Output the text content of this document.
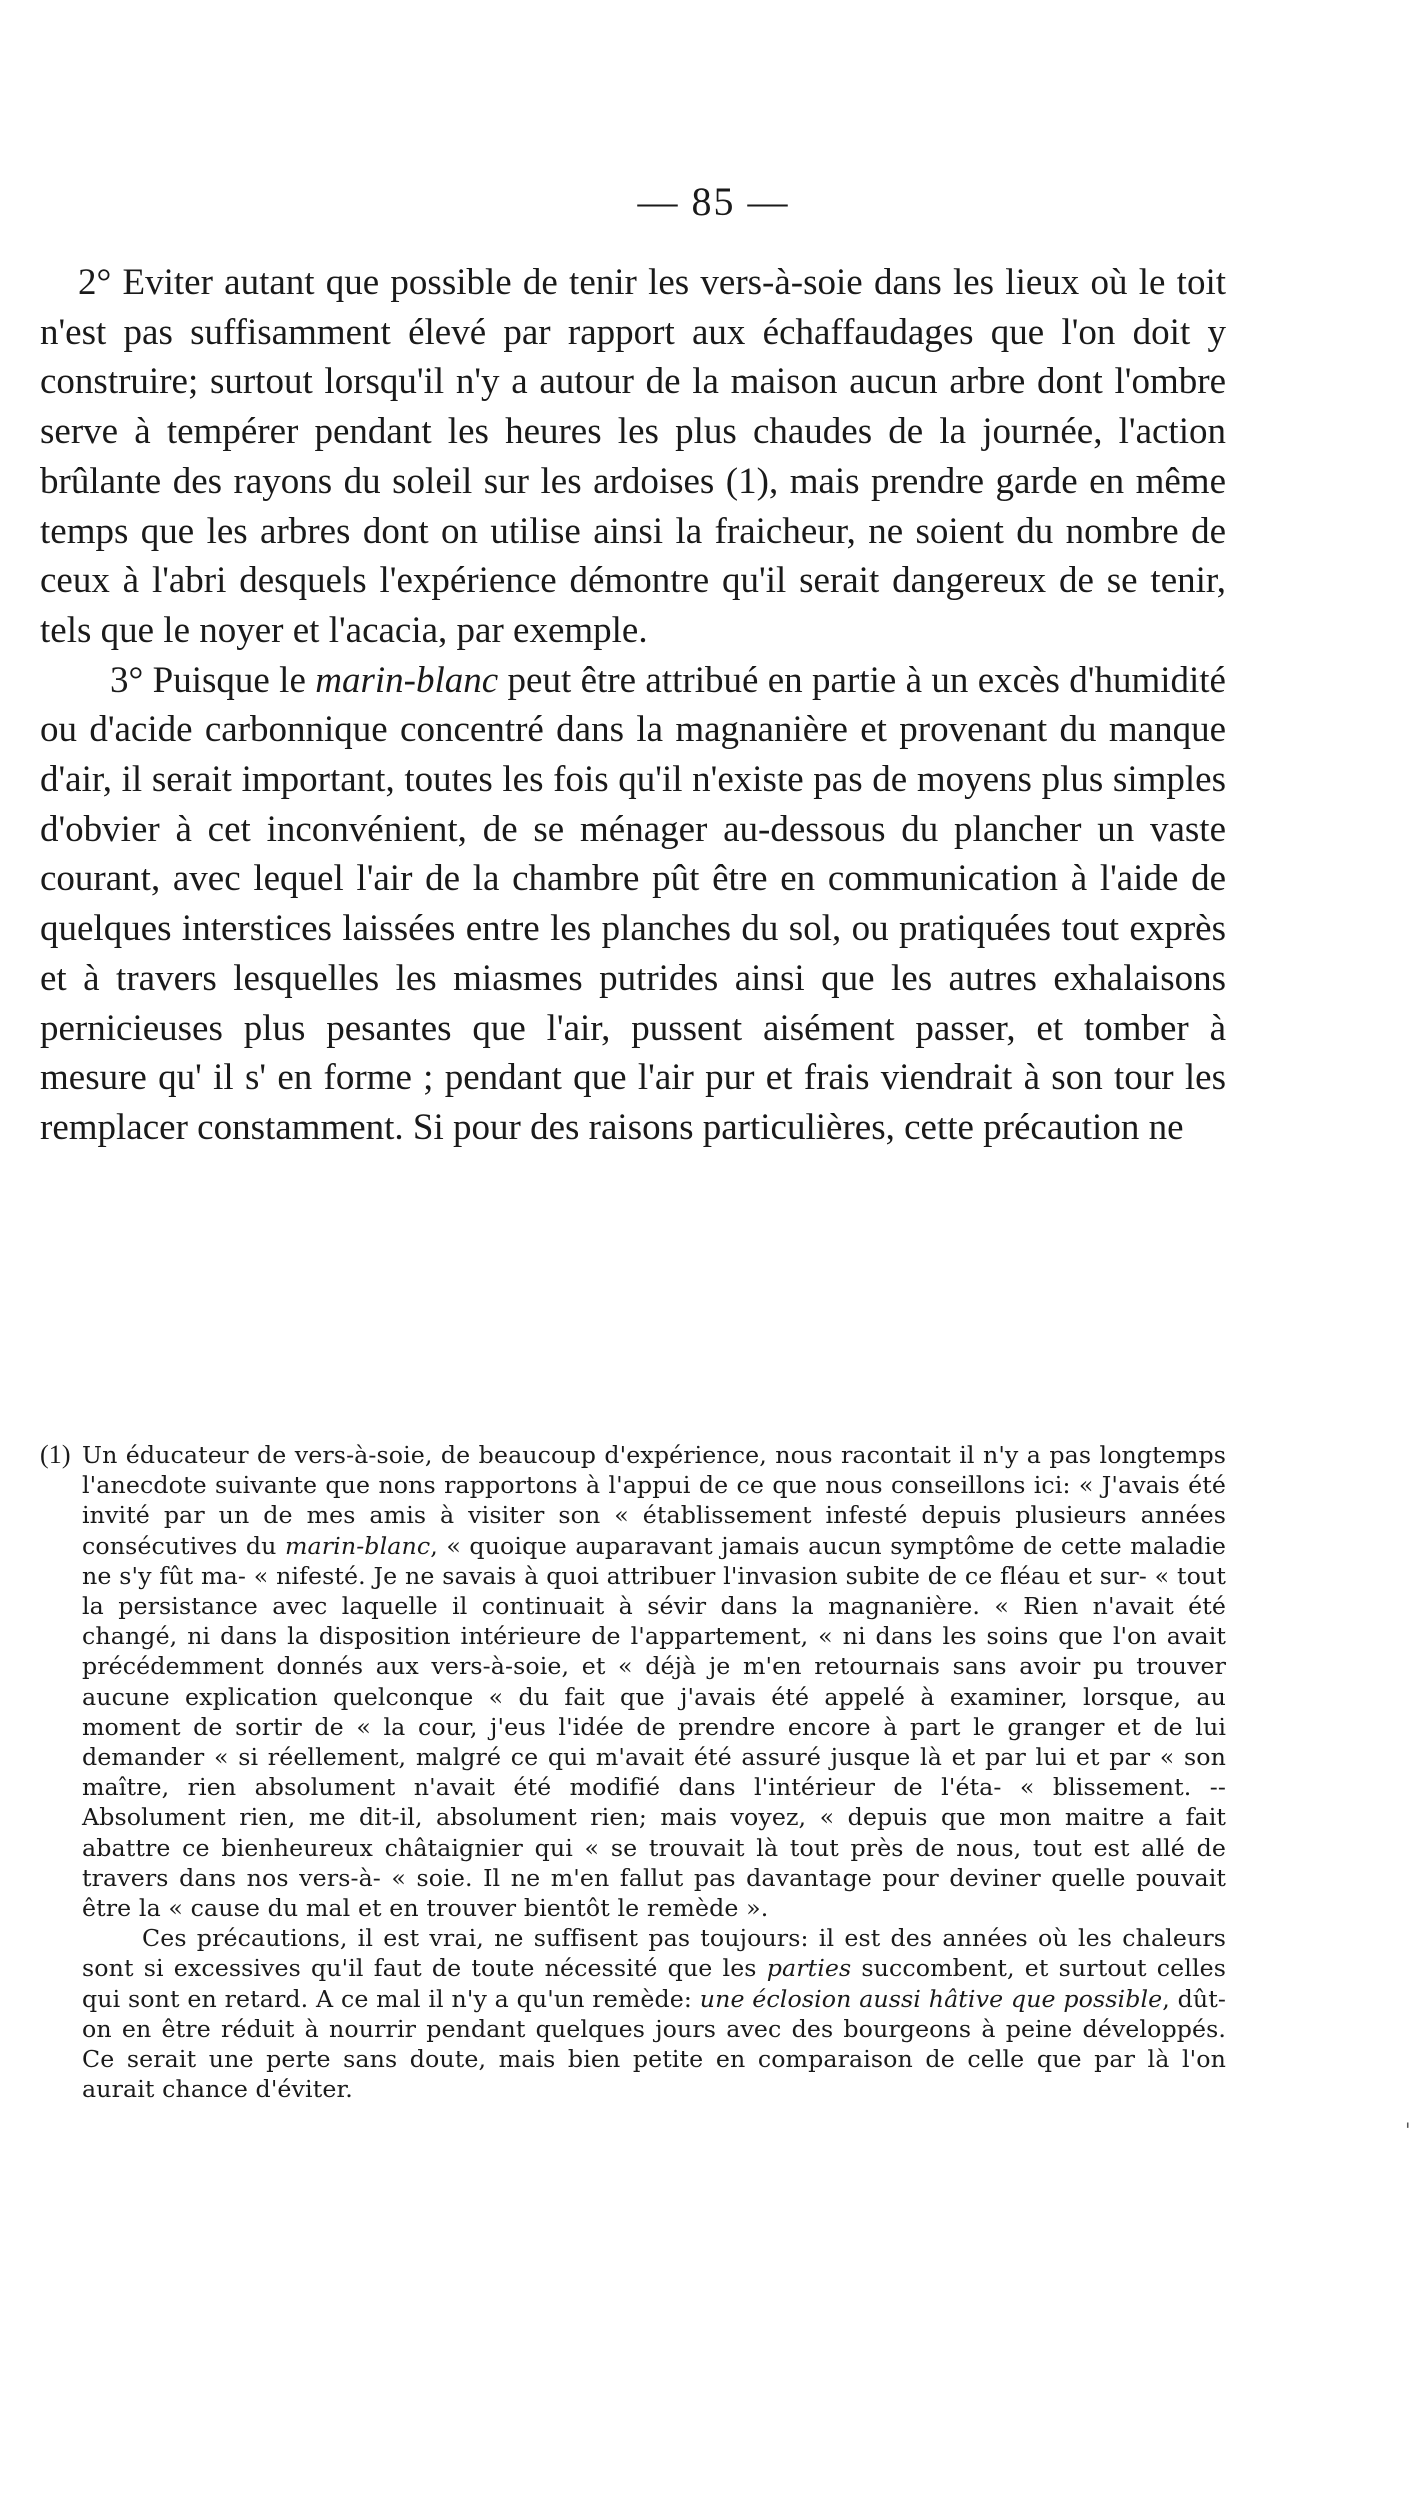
— 85 —

2° Eviter autant que possible de tenir les vers-à-soie dans les lieux où le toit n'est pas suffisamment élevé par rapport aux échaffaudages que l'on doit y construire; surtout lorsqu'il n'y a autour de la maison aucun arbre dont l'ombre serve à tempérer pendant les heures les plus chaudes de la journée, l'action brûlante des rayons du soleil sur les ardoises (1), mais prendre garde en même temps que les arbres dont on utilise ainsi la fraicheur, ne soient du nombre de ceux à l'abri desquels l'expérience démontre qu'il serait dangereux de se tenir, tels que le noyer et l'acacia, par exemple.

3° Puisque le marin-blanc peut être attribué en partie à un excès d'humidité ou d'acide carbonnique concentré dans la magnanière et provenant du manque d'air, il serait important, toutes les fois qu'il n'existe pas de moyens plus simples d'obvier à cet inconvénient, de se ménager au-dessous du plancher un vaste courant, avec lequel l'air de la chambre pût être en communication à l'aide de quelques interstices laissées entre les planches du sol, ou pratiquées tout exprès et à travers lesquelles les miasmes putrides ainsi que les autres exhalaisons pernicieuses plus pesantes que l'air, pussent aisément passer, et tomber à mesure qu' il s' en forme ; pendant que l'air pur et frais viendrait à son tour les remplacer constamment. Si pour des raisons particulières, cette précaution ne

(1) Un éducateur de vers-à-soie, de beaucoup d'expérience, nous racontait il n'y a pas longtemps l'anecdote suivante que nons rapportons à l'appui de ce que nous conseillons ici: « J'avais été invité par un de mes amis à visiter son « établissement infesté depuis plusieurs années consécutives du marin-blanc, « quoique auparavant jamais aucun symptôme de cette maladie ne s'y fût ma- « nifesté. Je ne savais à quoi attribuer l'invasion subite de ce fléau et sur- « tout la persistance avec laquelle il continuait à sévir dans la magnanière. « Rien n'avait été changé, ni dans la disposition intérieure de l'appartement, « ni dans les soins que l'on avait précédemment donnés aux vers-à-soie, et « déjà je m'en retournais sans avoir pu trouver aucune explication quelconque « du fait que j'avais été appelé à examiner, lorsque, au moment de sortir de « la cour, j'eus l'idée de prendre encore à part le granger et de lui demander « si réellement, malgré ce qui m'avait été assuré jusque là et par lui et par « son maître, rien absolument n'avait été modifié dans l'intérieur de l'éta- « blissement. -- Absolument rien, me dit-il, absolument rien; mais voyez, « depuis que mon maitre a fait abattre ce bienheureux châtaignier qui « se trouvait là tout près de nous, tout est allé de travers dans nos vers-à- « soie. Il ne m'en fallut pas davantage pour deviner quelle pouvait être la « cause du mal et en trouver bientôt le remède ».

Ces précautions, il est vrai, ne suffisent pas toujours: il est des années où les chaleurs sont si excessives qu'il faut de toute nécessité que les parties succombent, et surtout celles qui sont en retard. A ce mal il n'y a qu'un remède: une éclosion aussi hâtive que possible, dût-on en être réduit à nourrir pendant quelques jours avec des bourgeons à peine développés. Ce serait une perte sans doute, mais bien petite en comparaison de celle que par là l'on aurait chance d'éviter.

'
